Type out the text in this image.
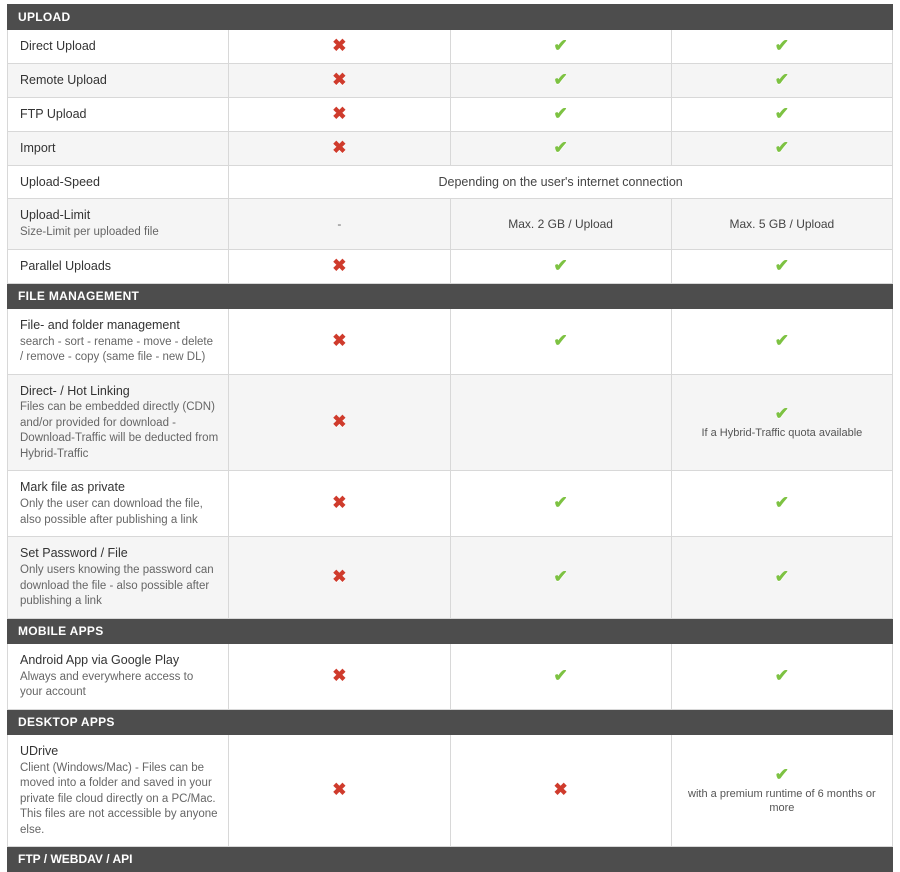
UPLOAD			

Direct Upload	✖	✔	✔

Remote Upload	✖	✔	✔

FTP Upload	✖	✔	✔

Import	✖	✔	✔

Upload-Speed	Depending on the user's internet connection		

Upload-Limit
Size-Limit per uploaded file	-	Max. 2 GB / Upload	Max. 5 GB / Upload

Parallel Uploads	✖	✔	✔
FILE MANAGEMENT			

File- and folder management
search - sort - rename - move - delete / remove - copy (same file - new DL)	✖	✔	✔

Direct- / Hot Linking
Files can be embedded directly (CDN) and/or provided for download - Download-Traffic will be deducted from Hybrid-Traffic
	✖		✔
If a Hybrid-Traffic quota available

Mark file as private
Only the user can download the file, also possible after publishing a link	✖	✔	✔

Set Password / File
Only users knowing the password can download the file - also possible after publishing a link	✖	✔	✔
MOBILE APPS			

Android App via Google Play
Always and everywhere access to your account	✖	✔	✔
DESKTOP APPS			

UDrive
Client (Windows/Mac) - Files can be moved into a folder and saved in your private file cloud directly on a PC/Mac. This files are not accessible by anyone else.
	✖	✖	✔
with a premium runtime of 6 months or more

FTP / WEBDAV / API			
